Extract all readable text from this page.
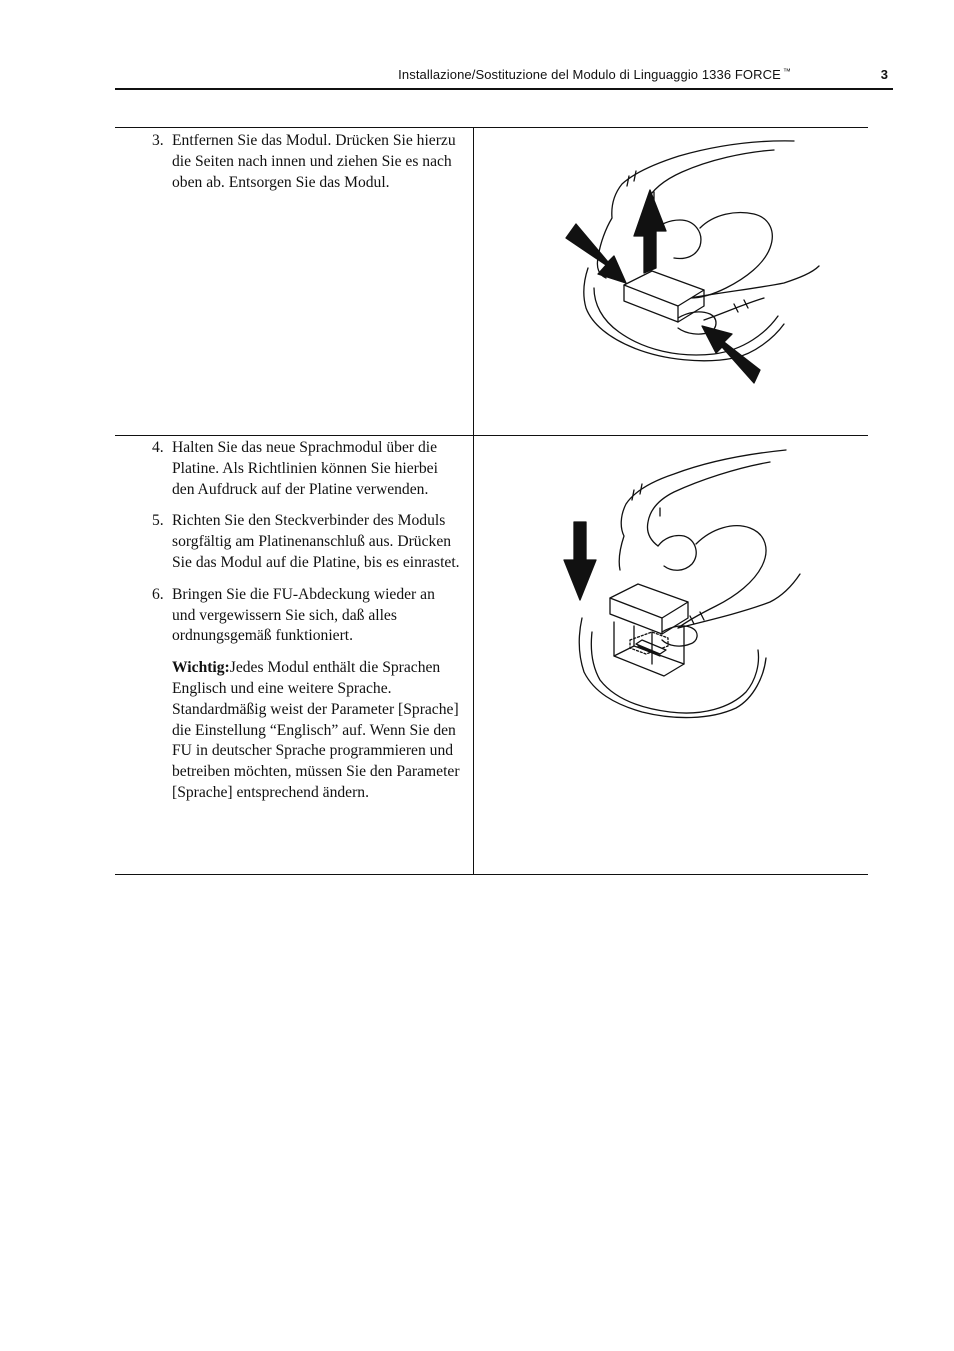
Installazione/Sostituzione del Modulo di Linguaggio 1336 FORCE ™	3
3. Entfernen Sie das Modul. Drücken Sie hierzu die Seiten nach innen und ziehen Sie es nach oben ab. Entsorgen Sie das Modul.
4. Halten Sie das neue Sprachmodul über die Platine. Als Richtlinien können Sie hierbei den Aufdruck auf der Platine verwenden.
5. Richten Sie den Steckverbinder des Moduls sorgfältig am Platinenanschluß aus. Drücken Sie das Modul auf die Platine, bis es einrastet.
6. Bringen Sie die FU-Abdeckung wieder an und vergewissern Sie sich, daß alles ordnungsgemäß funktioniert.
Wichtig:Jedes Modul enthält die Sprachen Englisch und eine weitere Sprache. Standardmäßig weist der Parameter [Sprache] die Einstellung “Englisch” auf. Wenn Sie den FU in deutscher Sprache programmieren und betreiben möchten, müssen Sie den Parameter [Sprache] entsprechend ändern.
